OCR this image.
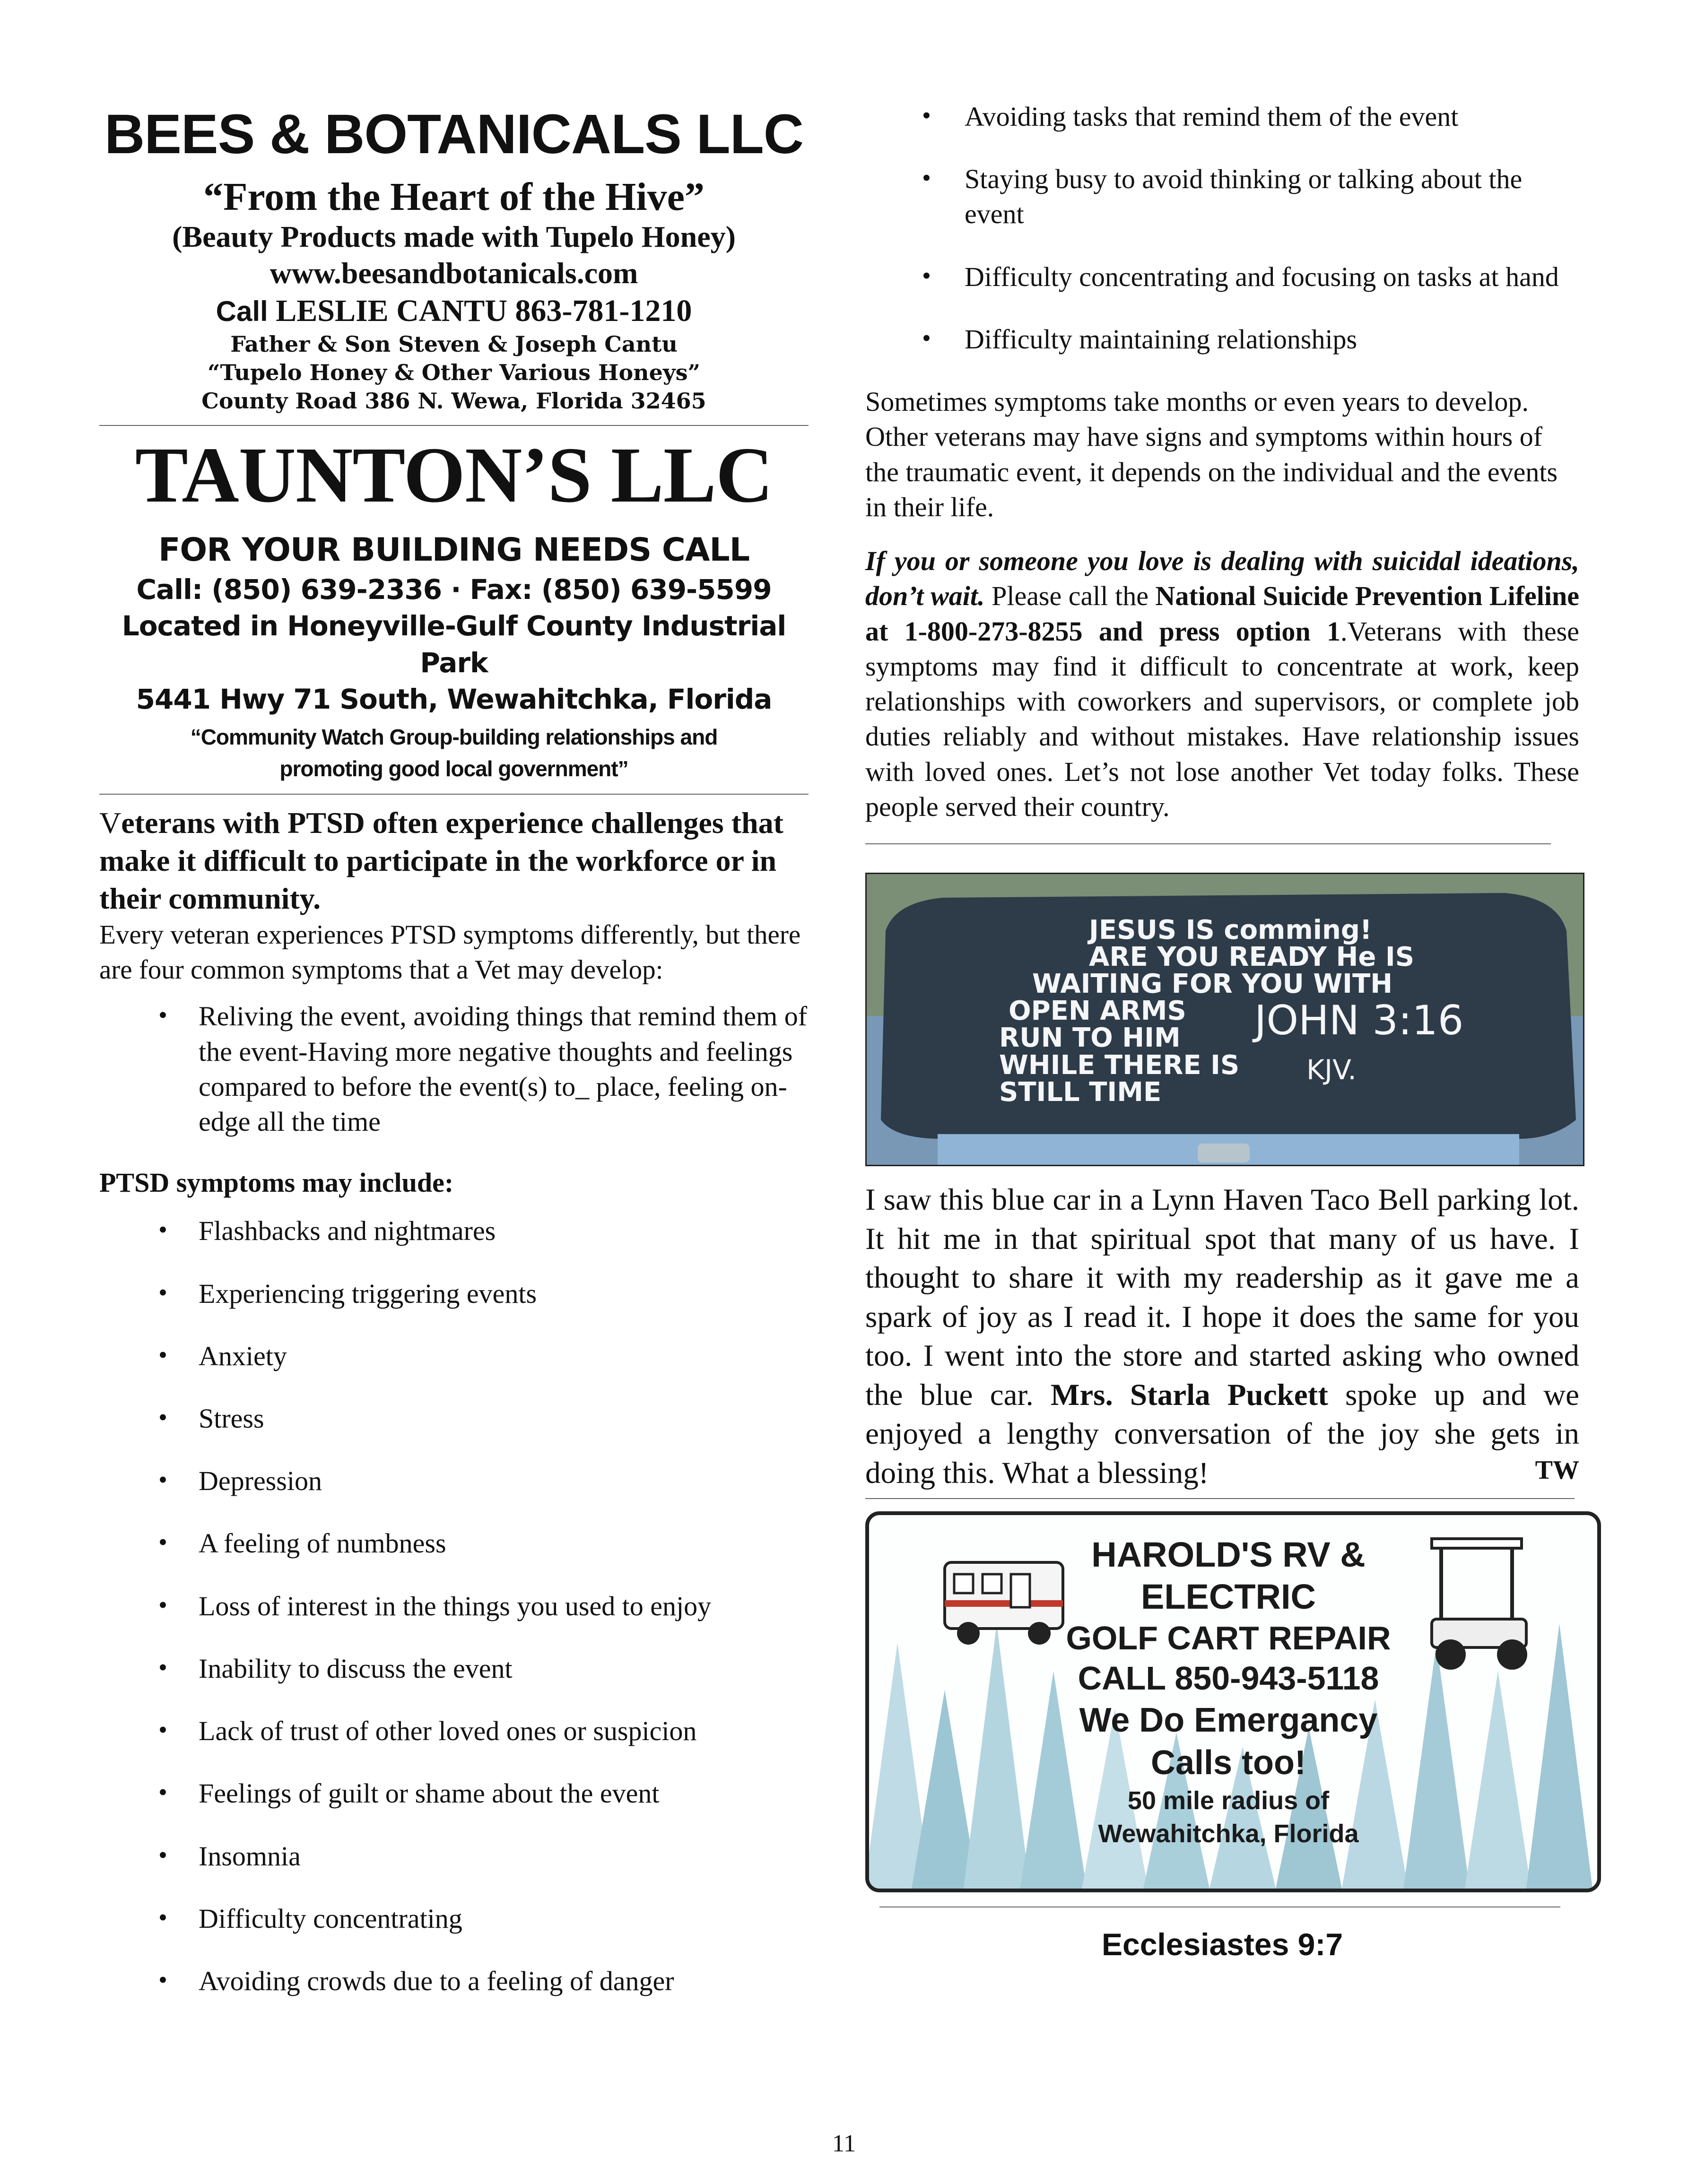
BEES & BOTANICALS LLC
“From the Heart of the Hive”
(Beauty Products made with Tupelo Honey)
www.beesandbotanicals.com
Call LESLIE CANTU 863-781-1210
Father & Son Steven & Joseph Cantu
“Tupelo Honey & Other Various Honeys”
County Road 386 N. Wewa, Florida 32465
TAUNTON’S LLC
FOR YOUR BUILDING NEEDS CALL
Call: (850) 639-2336 · Fax: (850) 639-5599
Located in Honeyville-Gulf County Industrial Park
5441 Hwy 71 South, Wewahitchka, Florida
“Community Watch Group-building relationships and
promoting good local government”
Veterans with PTSD often experience challenges that make it difficult to participate in the workforce or in their community.
Every veteran experiences PTSD symptoms differently, but there are four common symptoms that a Vet may develop:
• Reliving the event, avoiding things that remind them of the event-Having more negative thoughts and feelings compared to before the event(s) to_ place, feeling on-edge all the time
PTSD symptoms may include:
• Flashbacks and nightmares
• Experiencing triggering events
• Anxiety
• Stress
• Depression
• A feeling of numbness
• Loss of interest in the things you used to enjoy
• Inability to discuss the event
• Lack of trust of other loved ones or suspicion
• Feelings of guilt or shame about the event
• Insomnia
• Difficulty concentrating
• Avoiding crowds due to a feeling of danger
• Avoiding tasks that remind them of the event
• Staying busy to avoid thinking or talking about the event
• Difficulty concentrating and focusing on tasks at hand
• Difficulty maintaining relationships

Sometimes symptoms take months or even years to develop. Other veterans may have signs and symptoms within hours of the traumatic event, it depends on the individual and the events in their life.

If you or someone you love is dealing with suicidal ideations, don’t wait. Please call the National Suicide Prevention Lifeline at 1-800-273-8255 and press option 1.Veterans with these symptoms may find it difficult to concentrate at work, keep relationships with coworkers and supervisors, or complete job duties reliably and without mistakes. Have relationship issues with loved ones. Let’s not lose another Vet today folks. These people served their country.

JESUS IS comming!
ARE YOU READY He IS
WAITING FOR YOU WITH
OPEN ARMS
RUN TO HIM
WHILE THERE IS
STILL TIME
JOHN 3:16
KJV.
I saw this blue car in a Lynn Haven Taco Bell parking lot. It hit me in that spiritual spot that many of us have. I thought to share it with my readership as it gave me a spark of joy as I read it. I hope it does the same for you too. I went into the store and started asking who owned the blue car. Mrs. Starla Puckett spoke up and we enjoyed a lengthy conversation of the joy she gets in doing this. What a blessing!	TW
HAROLD'S RV & ELECTRIC
GOLF CART REPAIR
CALL 850-943-5118
We Do Emergancy Calls too!
50 mile radius of
Wewahitchka, Florida
Ecclesiastes 9:7
11
